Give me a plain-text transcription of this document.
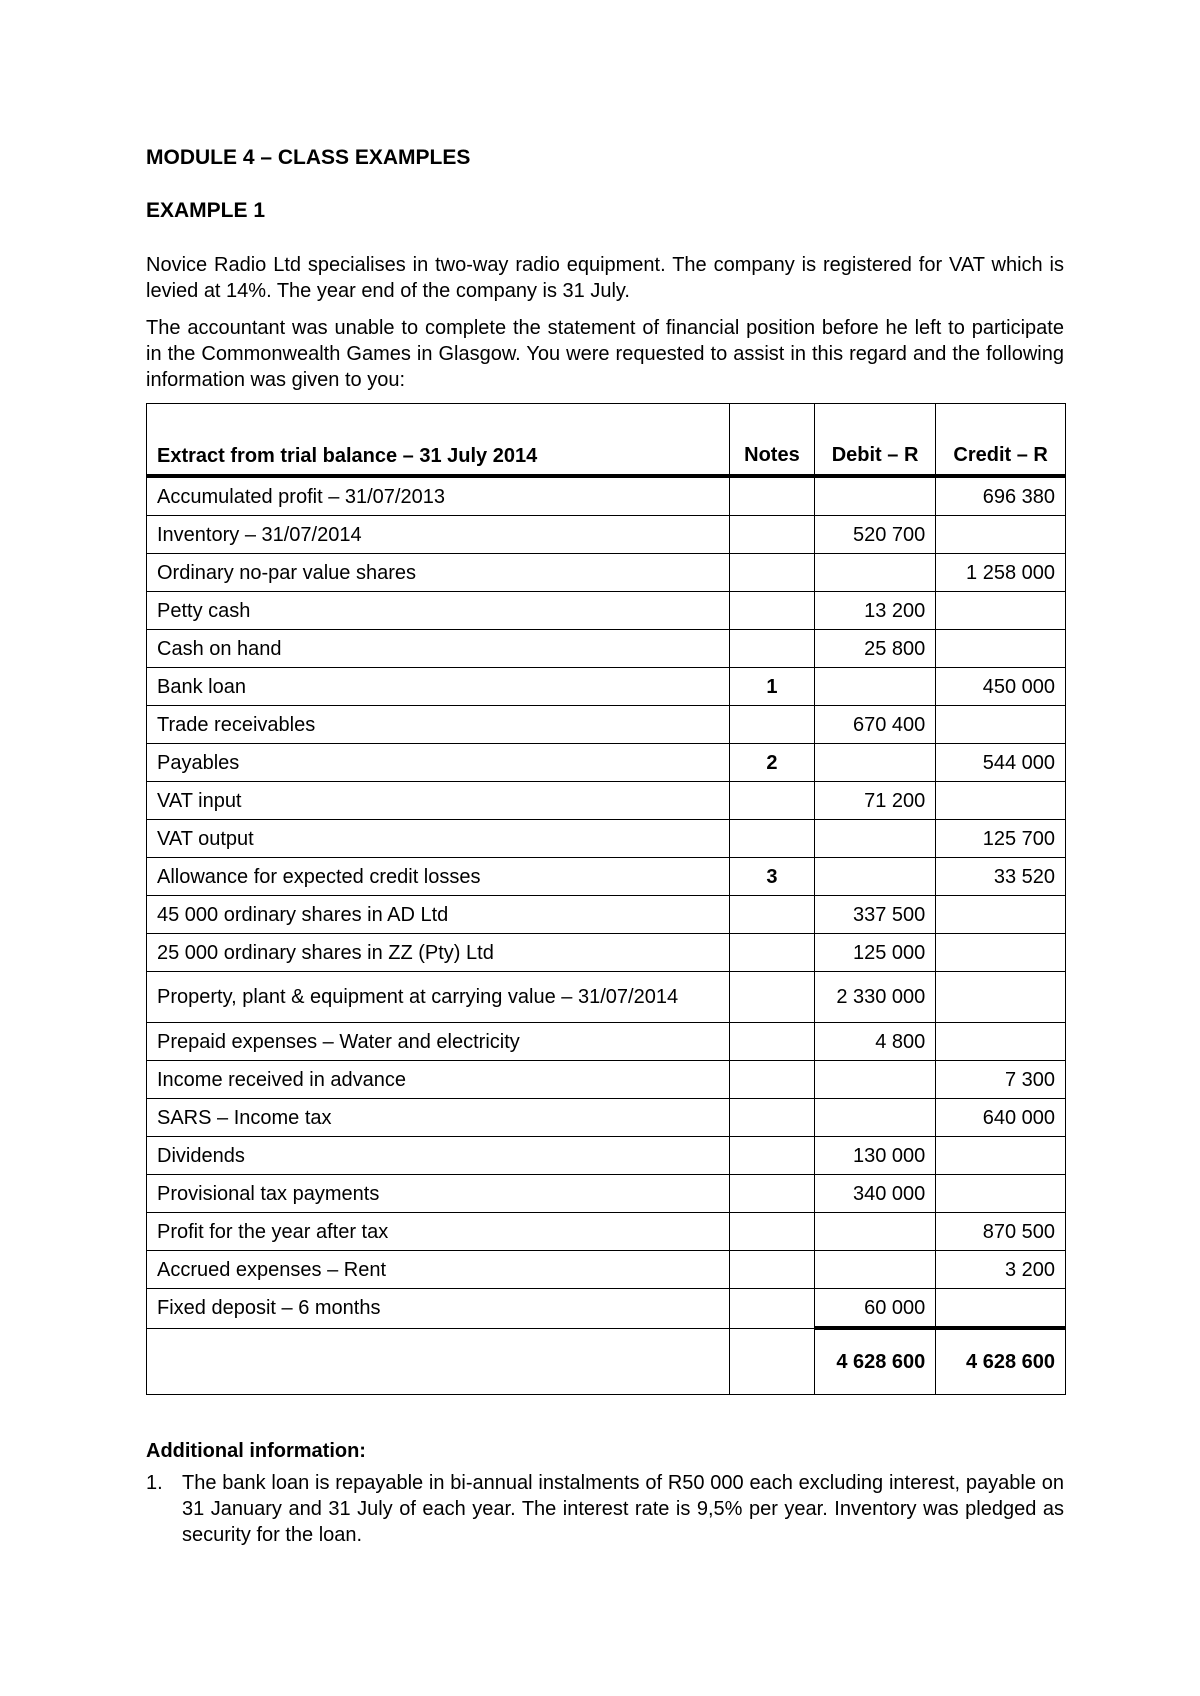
MODULE 4 – CLASS EXAMPLES
EXAMPLE 1

Novice Radio Ltd specialises in two-way radio equipment. The company is registered for VAT which is levied at 14%. The year end of the company is 31 July.

The accountant was unable to complete the statement of financial position before he left to participate in the Commonwealth Games in Glasgow. You were requested to assist in this regard and the following information was given to you:

Extract from trial balance – 31 July 2014	Notes	Debit – R	Credit – R
Accumulated profit – 31/07/2013			696 380
Inventory – 31/07/2014		520 700	
Ordinary no-par value shares			1 258 000
Petty cash		13 200	
Cash on hand		25 800	
Bank loan	1		450 000
Trade receivables		670 400	
Payables	2		544 000
VAT input		71 200	
VAT output			125 700
Allowance for expected credit losses	3		33 520
45 000 ordinary shares in AD Ltd		337 500	
25 000 ordinary shares in ZZ (Pty) Ltd		125 000	
Property, plant & equipment at carrying value – 31/07/2014		2 330 000	
Prepaid expenses – Water and electricity		4 800	
Income received in advance			7 300
SARS – Income tax			640 000
Dividends		130 000	
Provisional tax payments		340 000	
Profit for the year after tax			870 500
Accrued expenses – Rent			3 200
Fixed deposit – 6 months		60 000	
		4 628 600	4 628 600
Additional information:
1. The bank loan is repayable in bi-annual instalments of R50 000 each excluding interest, payable on 31 January and 31 July of each year. The interest rate is 9,5% per year. Inventory was pledged as security for the loan.
